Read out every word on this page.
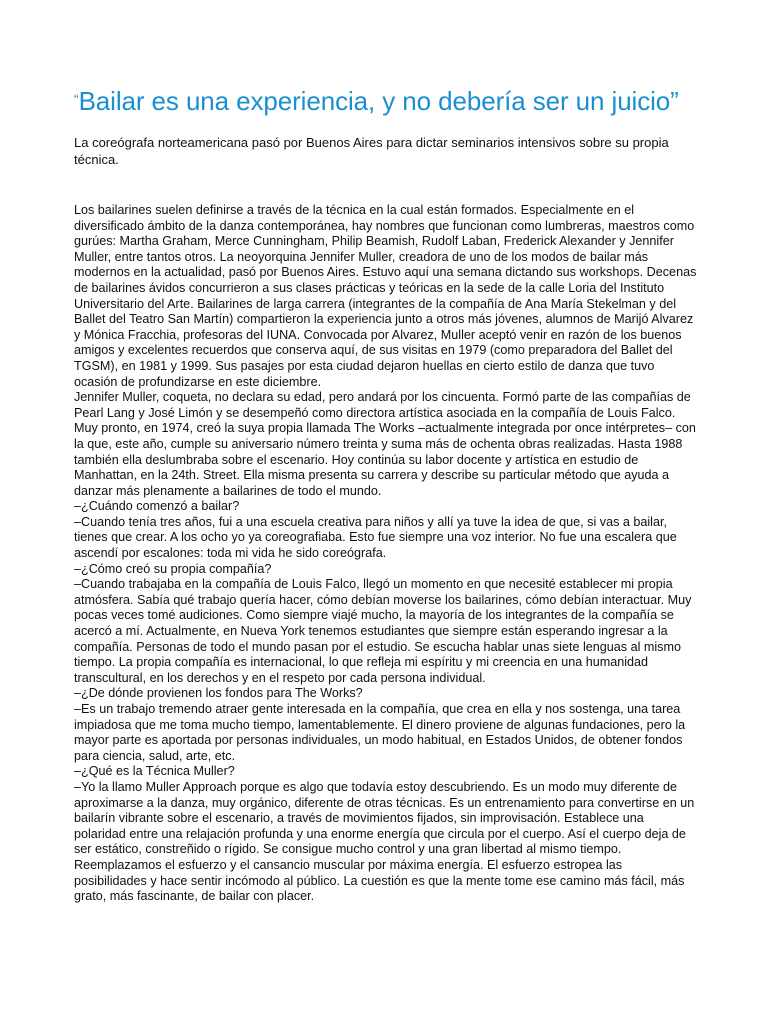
“Bailar es una experiencia, y no debería ser un juicio”

La coreógrafa norteamericana pasó por Buenos Aires para dictar seminarios intensivos sobre su propia técnica.

Los bailarines suelen definirse a través de la técnica en la cual están formados. Especialmente en el diversificado ámbito de la danza contemporánea, hay nombres que funcionan como lumbreras, maestros como gurúes: Martha Graham, Merce Cunningham, Philip Beamish, Rudolf Laban, Frederick Alexander y Jennifer Muller, entre tantos otros. La neoyorquina Jennifer Muller, creadora de uno de los modos de bailar más modernos en la actualidad, pasó por Buenos Aires. Estuvo aquí una semana dictando sus workshops. Decenas de bailarines ávidos concurrieron a sus clases prácticas y teóricas en la sede de la calle Loria del Instituto Universitario del Arte. Bailarines de larga carrera (integrantes de la compañía de Ana María Stekelman y del Ballet del Teatro San Martín) compartieron la experiencia junto a otros más jóvenes, alumnos de Marijó Alvarez y Mónica Fracchia, profesoras del IUNA. Convocada por Alvarez, Muller aceptó venir en razón de los buenos amigos y excelentes recuerdos que conserva aquí, de sus visitas en 1979 (como preparadora del Ballet del TGSM), en 1981 y 1999. Sus pasajes por esta ciudad dejaron huellas en cierto estilo de danza que tuvo ocasión de profundizarse en este diciembre.

Jennifer Muller, coqueta, no declara su edad, pero andará por los cincuenta. Formó parte de las compañías de Pearl Lang y José Limón y se desempeñó como directora artística asociada en la compañía de Louis Falco. Muy pronto, en 1974, creó la suya propia llamada The Works –actualmente integrada por once intérpretes– con la que, este año, cumple su aniversario número treinta y suma más de ochenta obras realizadas. Hasta 1988 también ella deslumbraba sobre el escenario. Hoy continúa su labor docente y artística en estudio de Manhattan, en la 24th. Street. Ella misma presenta su carrera y describe su particular método que ayuda a danzar más plenamente a bailarines de todo el mundo.

–¿Cuándo comenzó a bailar?

–Cuando tenía tres años, fui a una escuela creativa para niños y allí ya tuve la idea de que, si vas a bailar, tienes que crear. A los ocho yo ya coreografiaba. Esto fue siempre una voz interior. No fue una escalera que ascendí por escalones: toda mi vida he sido coreógrafa.

–¿Cómo creó su propia compañía?

–Cuando trabajaba en la compañía de Louis Falco, llegó un momento en que necesité establecer mi propia atmósfera. Sabía qué trabajo quería hacer, cómo debían moverse los bailarines, cómo debían interactuar. Muy pocas veces tomé audiciones. Como siempre viajé mucho, la mayoría de los integrantes de la compañía se acercó a mí. Actualmente, en Nueva York tenemos estudiantes que siempre están esperando ingresar a la compañía. Personas de todo el mundo pasan por el estudio. Se escucha hablar unas siete lenguas al mismo tiempo. La propia compañía es internacional, lo que refleja mi espíritu y mi creencia en una humanidad transcultural, en los derechos y en el respeto por cada persona individual.

–¿De dónde provienen los fondos para The Works?

–Es un trabajo tremendo atraer gente interesada en la compañía, que crea en ella y nos sostenga, una tarea impiadosa que me toma mucho tiempo, lamentablemente. El dinero proviene de algunas fundaciones, pero la mayor parte es aportada por personas individuales, un modo habitual, en Estados Unidos, de obtener fondos para ciencia, salud, arte, etc.

–¿Qué es la Técnica Muller?

–Yo la llamo Muller Approach porque es algo que todavía estoy descubriendo. Es un modo muy diferente de aproximarse a la danza, muy orgánico, diferente de otras técnicas. Es un entrenamiento para convertirse en un bailarín vibrante sobre el escenario, a través de movimientos fijados, sin improvisación. Establece una polaridad entre una relajación profunda y una enorme energía que circula por el cuerpo. Así el cuerpo deja de ser estático, constreñido o rígido. Se consigue mucho control y una gran libertad al mismo tiempo. Reemplazamos el esfuerzo y el cansancio muscular por máxima energía. El esfuerzo estropea las posibilidades y hace sentir incómodo al público. La cuestión es que la mente tome ese camino más fácil, más grato, más fascinante, de bailar con placer.
